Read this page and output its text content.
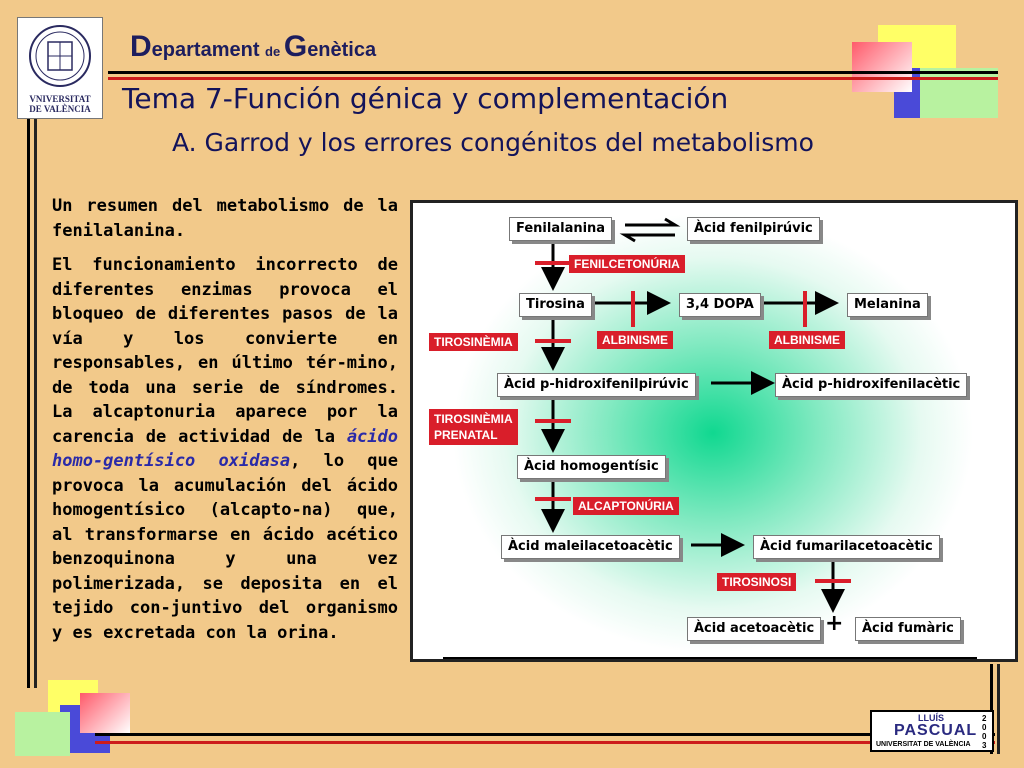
VNIVERSITAT
DE VALÈNCIA
Departament de Genètica
Tema 7-Función génica y complementación
A. Garrod y los errores congénitos del metabolismo

Un resumen del metabolismo de la fenilalanina.

El funcionamiento incorrecto de diferentes enzimas provoca el bloqueo de diferentes pasos de la vía y los convierte en responsables, en último tér-mino, de toda una serie de síndromes. La alcaptonuria aparece por la carencia de actividad de la ácido homo-gentísico oxidasa, lo que provoca la acumulación del ácido homogentísico (alcapto-na) que, al transformarse en ácido acético benzoquinona y una vez polimerizada, se deposita en el tejido con-juntivo del organismo y es excretada con la orina.

Fenilalanina	Àcid fenilpirúvic
FENILCETONÚRIA
Tirosina	3,4 DOPA	Melanina
TIROSINÈMIA	ALBINISME	ALBINISME
Àcid p-hidroxifenilpirúvic	Àcid p-hidroxifenilacètic
TIROSINÈMIA
PRENATAL
Àcid homogentísic
ALCAPTONÚRIA
Àcid maleilacetoacètic	Àcid fumarilacetoacètic
TIROSINOSI
Àcid acetoacètic +	Àcid fumàric
LLUÍS
PASCUAL
UNIVERSITAT DE VALÈNCIA
2003
